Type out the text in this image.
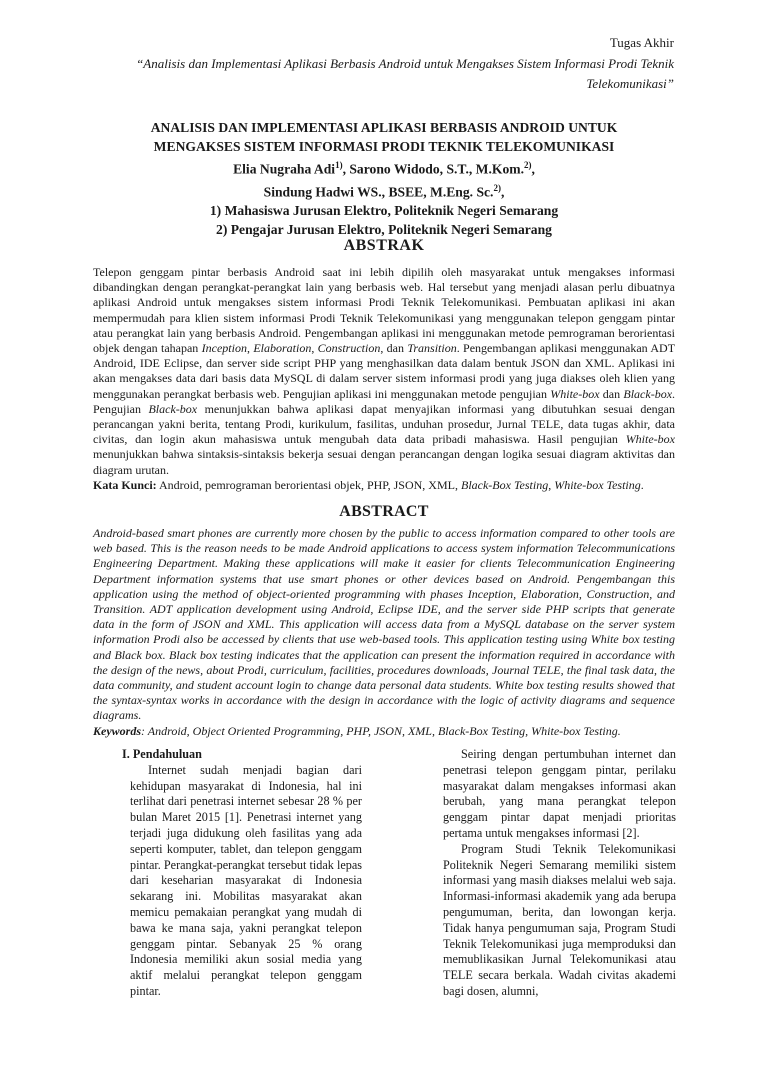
Tugas Akhir
“Analisis dan Implementasi Aplikasi Berbasis Android untuk Mengakses Sistem Informasi Prodi Teknik Telekomunikasi”
ANALISIS DAN IMPLEMENTASI APLIKASI BERBASIS ANDROID UNTUK
MENGAKSES SISTEM INFORMASI PRODI TEKNIK TELEKOMUNIKASI
Elia Nugraha Adi$^{1)}$, Sarono Widodo, S.T., M.Kom.$^{2)}$,
Sindung Hadwi WS., BSEE, M.Eng. Sc.$^{2)}$,
1) Mahasiswa Jurusan Elektro, Politeknik Negeri Semarang
2) Pengajar Jurusan Elektro, Politeknik Negeri Semarang
ABSTRAK
Telepon genggam pintar berbasis Android saat ini lebih dipilih oleh masyarakat untuk mengakses informasi dibandingkan dengan perangkat-perangkat lain yang berbasis web. Hal tersebut yang menjadi alasan perlu dibuatnya aplikasi Android untuk mengakses sistem informasi Prodi Teknik Telekomunikasi. Pembuatan aplikasi ini akan mempermudah para klien sistem informasi Prodi Teknik Telekomunikasi yang menggunakan telepon genggam pintar atau perangkat lain yang berbasis Android. Pengembangan aplikasi ini menggunakan metode pemrograman berorientasi objek dengan tahapan Inception, Elaboration, Construction, dan Transition. Pengembangan aplikasi menggunakan ADT Android, IDE Eclipse, dan server side script PHP yang menghasilkan data dalam bentuk JSON dan XML. Aplikasi ini akan mengakses data dari basis data MySQL di dalam server sistem informasi prodi yang juga diakses oleh klien yang menggunakan perangkat berbasis web. Pengujian aplikasi ini menggunakan metode pengujian White-box dan Black-box. Pengujian Black-box menunjukkan bahwa aplikasi dapat menyajikan informasi yang dibutuhkan sesuai dengan perancangan yakni berita, tentang Prodi, kurikulum, fasilitas, unduhan prosedur, Jurnal TELE, data tugas akhir, data civitas, dan login akun mahasiswa untuk mengubah data data pribadi mahasiswa. Hasil pengujian White-box menunjukkan bahwa sintaksis-sintaksis bekerja sesuai dengan perancangan dengan logika sesuai diagram aktivitas dan diagram urutan.
Kata Kunci: Android, pemrograman berorientasi objek, PHP, JSON, XML, Black-Box Testing, White-box Testing.
ABSTRACT
Android-based smart phones are currently more chosen by the public to access information compared to other tools are web based. This is the reason needs to be made Android applications to access system information Telecommunications Engineering Department. Making these applications will make it easier for clients Telecommunication Engineering Department information systems that use smart phones or other devices based on Android. Pengembangan this application using the method of object-oriented programming with phases Inception, Elaboration, Construction, and Transition. ADT application development using Android, Eclipse IDE, and the server side PHP scripts that generate data in the form of JSON and XML. This application will access data from a MySQL database on the server system information Prodi also be accessed by clients that use web-based tools. This application testing using White box testing and Black box. Black box testing indicates that the application can present the information required in accordance with the design of the news, about Prodi, curriculum, facilities, procedures downloads, Journal TELE, the final task data, the data community, and student account login to change data personal data students. White box testing results showed that the syntax-syntax works in accordance with the design in accordance with the logic of activity diagrams and sequence diagrams.
Keywords: Android, Object Oriented Programming, PHP, JSON, XML, Black-Box Testing, White-box Testing.
I. Pendahuluan

Internet sudah menjadi bagian dari kehidupan masyarakat di Indonesia, hal ini terlihat dari penetrasi internet sebesar 28 % per bulan Maret 2015 [1]. Penetrasi internet yang terjadi juga didukung oleh fasilitas yang ada seperti komputer, tablet, dan telepon genggam pintar. Perangkat-perangkat tersebut tidak lepas dari keseharian masyarakat di Indonesia sekarang ini. Mobilitas masyarakat akan memicu pemakaian perangkat yang mudah di bawa ke mana saja, yakni perangkat telepon genggam pintar. Sebanyak 25 % orang Indonesia memiliki akun sosial media yang aktif melalui perangkat telepon genggam pintar.

Seiring dengan pertumbuhan internet dan penetrasi telepon genggam pintar, perilaku masyarakat dalam mengakses informasi akan berubah, yang mana perangkat telepon genggam pintar dapat menjadi prioritas pertama untuk mengakses informasi [2].

Program Studi Teknik Telekomunikasi Politeknik Negeri Semarang memiliki sistem informasi yang masih diakses melalui web saja. Informasi-informasi akademik yang ada berupa pengumuman, berita, dan lowongan kerja. Tidak hanya pengumuman saja, Program Studi Teknik Telekomunikasi juga memproduksi dan memublikasikan Jurnal Telekomunikasi atau TELE secara berkala. Wadah civitas akademi bagi dosen, alumni,
